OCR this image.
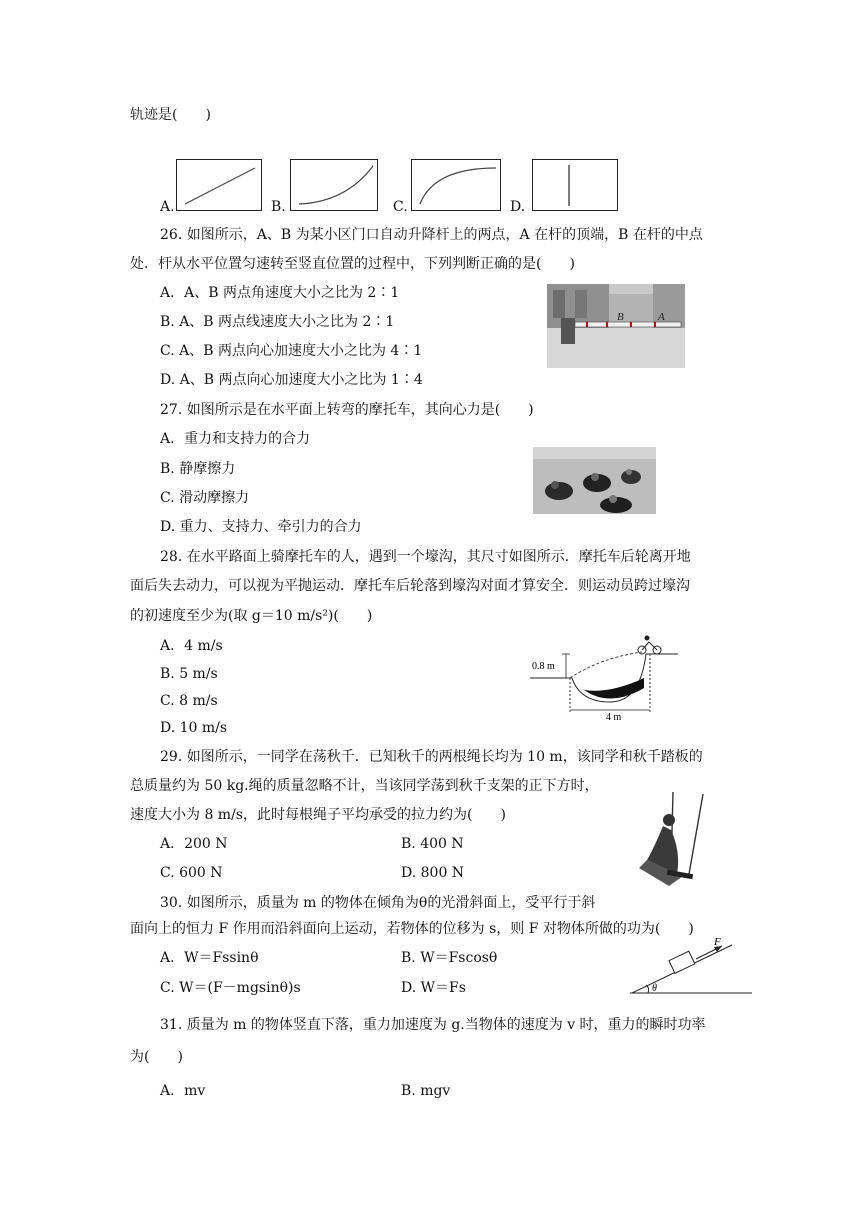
轨迹是(　　)
A.	B.	C.	D.
26. 如图所示，A、B 为某小区门口自动升降杆上的两点，A 在杆的顶端，B 在杆的中点
处．杆从水平位置匀速转至竖直位置的过程中，下列判断正确的是(　　)
A．A、B 两点角速度大小之比为 2∶1
B. A、B 两点线速度大小之比为 2∶1
C. A、B 两点向心加速度大小之比为 4∶1
D. A、B 两点向心加速度大小之比为 1∶4
B	A
27. 如图所示是在水平面上转弯的摩托车，其向心力是(　　)
A．重力和支持力的合力
B. 静摩擦力
C. 滑动摩擦力
D. 重力、支持力、牵引力的合力
28. 在水平路面上骑摩托车的人，遇到一个壕沟，其尺寸如图所示．摩托车后轮离开地
面后失去动力，可以视为平抛运动．摩托车后轮落到壕沟对面才算安全．则运动员跨过壕沟
的初速度至少为(取 g＝10 m/s²)(　　)
A．4 m/s
B. 5 m/s
C. 8 m/s
D. 10 m/s
0.8 m
4 m
29. 如图所示，一同学在荡秋千．已知秋千的两根绳长均为 10 m，该同学和秋千踏板的
总质量约为 50 kg.绳的质量忽略不计，当该同学荡到秋千支架的正下方时，
速度大小为 8 m/s，此时每根绳子平均承受的拉力约为(　　)
A．200 N	B. 400 N
C. 600 N	D. 800 N
30. 如图所示，质量为 m 的物体在倾角为θ的光滑斜面上，受平行于斜
面向上的恒力 F 作用而沿斜面向上运动，若物体的位移为 s，则 F 对物体所做的功为(　　)
A．W＝Fssinθ	B. W＝Fscosθ
C. W＝(F－mgsinθ)s	D. W＝Fs
F
θ
31. 质量为 m 的物体竖直下落，重力加速度为 g.当物体的速度为 v 时，重力的瞬时功率
为(　　)
A．mv	B. mgv
